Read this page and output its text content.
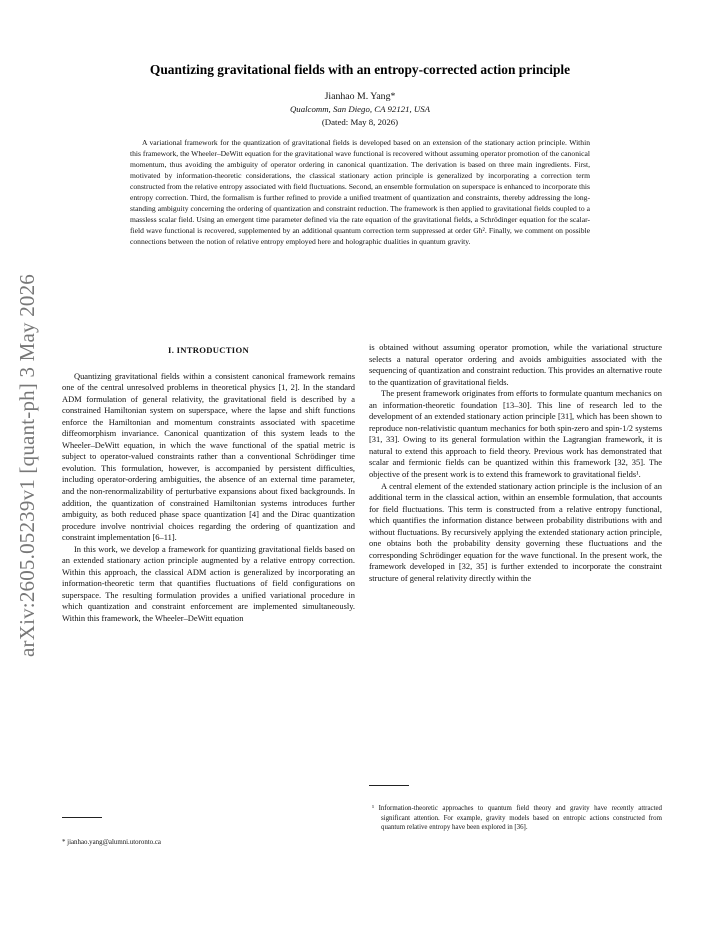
arXiv:2605.05239v1 [quant-ph] 3 May 2026
Quantizing gravitational fields with an entropy-corrected action principle
Jianhao M. Yang*
Qualcomm, San Diego, CA 92121, USA
(Dated: May 8, 2026)
A variational framework for the quantization of gravitational fields is developed based on an extension of the stationary action principle. Within this framework, the Wheeler–DeWitt equation for the gravitational wave functional is recovered without assuming operator promotion of the canonical momentum, thus avoiding the ambiguity of operator ordering in canonical quantization. The derivation is based on three main ingredients. First, motivated by information-theoretic considerations, the classical stationary action principle is generalized by incorporating a correction term constructed from the relative entropy associated with field fluctuations. Second, an ensemble formulation on superspace is enhanced to incorporate this entropy correction. Third, the formalism is further refined to provide a unified treatment of quantization and constraints, thereby addressing the long-standing ambiguity concerning the ordering of quantization and constraint reduction. The framework is then applied to gravitational fields coupled to a massless scalar field. Using an emergent time parameter defined via the rate equation of the gravitational fields, a Schrödinger equation for the scalar-field wave functional is recovered, supplemented by an additional quantum correction term suppressed at order Għ². Finally, we comment on possible connections between the notion of relative entropy employed here and holographic dualities in quantum gravity.
I. INTRODUCTION

Quantizing gravitational fields within a consistent canonical framework remains one of the central unresolved problems in theoretical physics [1, 2]. In the standard ADM formulation of general relativity, the gravitational field is described by a constrained Hamiltonian system on superspace, where the lapse and shift functions enforce the Hamiltonian and momentum constraints associated with spacetime diffeomorphism invariance. Canonical quantization of this system leads to the Wheeler–DeWitt equation, in which the wave functional of the spatial metric is subject to operator-valued constraints rather than a conventional Schrödinger time evolution. This formulation, however, is accompanied by persistent difficulties, including operator-ordering ambiguities, the absence of an external time parameter, and the non-renormalizability of perturbative expansions about fixed backgrounds. In addition, the quantization of constrained Hamiltonian systems introduces further ambiguity, as both reduced phase space quantization [4] and the Dirac quantization procedure involve nontrivial choices regarding the ordering of quantization and constraint implementation [6–11].

In this work, we develop a framework for quantizing gravitational fields based on an extended stationary action principle augmented by a relative entropy correction. Within this approach, the classical ADM action is generalized by incorporating an information-theoretic term that quantifies fluctuations of field configurations on superspace. The resulting formulation provides a unified variational procedure in which quantization and constraint enforcement are implemented simultaneously. Within this framework, the Wheeler–DeWitt equation

is obtained without assuming operator promotion, while the variational structure selects a natural operator ordering and avoids ambiguities associated with the sequencing of quantization and constraint reduction. This provides an alternative route to the quantization of gravitational fields.

The present framework originates from efforts to formulate quantum mechanics on an information-theoretic foundation [13–30]. This line of research led to the development of an extended stationary action principle [31], which has been shown to reproduce non-relativistic quantum mechanics for both spin-zero and spin-1/2 systems [31, 33]. Owing to its general formulation within the Lagrangian framework, it is natural to extend this approach to field theory. Previous work has demonstrated that scalar and fermionic fields can be quantized within this framework [32, 35]. The objective of the present work is to extend this framework to gravitational fields¹.

A central element of the extended stationary action principle is the inclusion of an additional term in the classical action, within an ensemble formulation, that accounts for field fluctuations. This term is constructed from a relative entropy functional, which quantifies the information distance between probability distributions with and without fluctuations. By recursively applying the extended stationary action principle, one obtains both the probability density governing these fluctuations and the corresponding Schrödinger equation for the wave functional. In the present work, the framework developed in [32, 35] is further extended to incorporate the constraint structure of general relativity directly within the

* jianhao.yang@alumni.utoronto.ca
¹ Information-theoretic approaches to quantum field theory and gravity have recently attracted significant attention. For example, gravity models based on entropic actions constructed from quantum relative entropy have been explored in [36].
